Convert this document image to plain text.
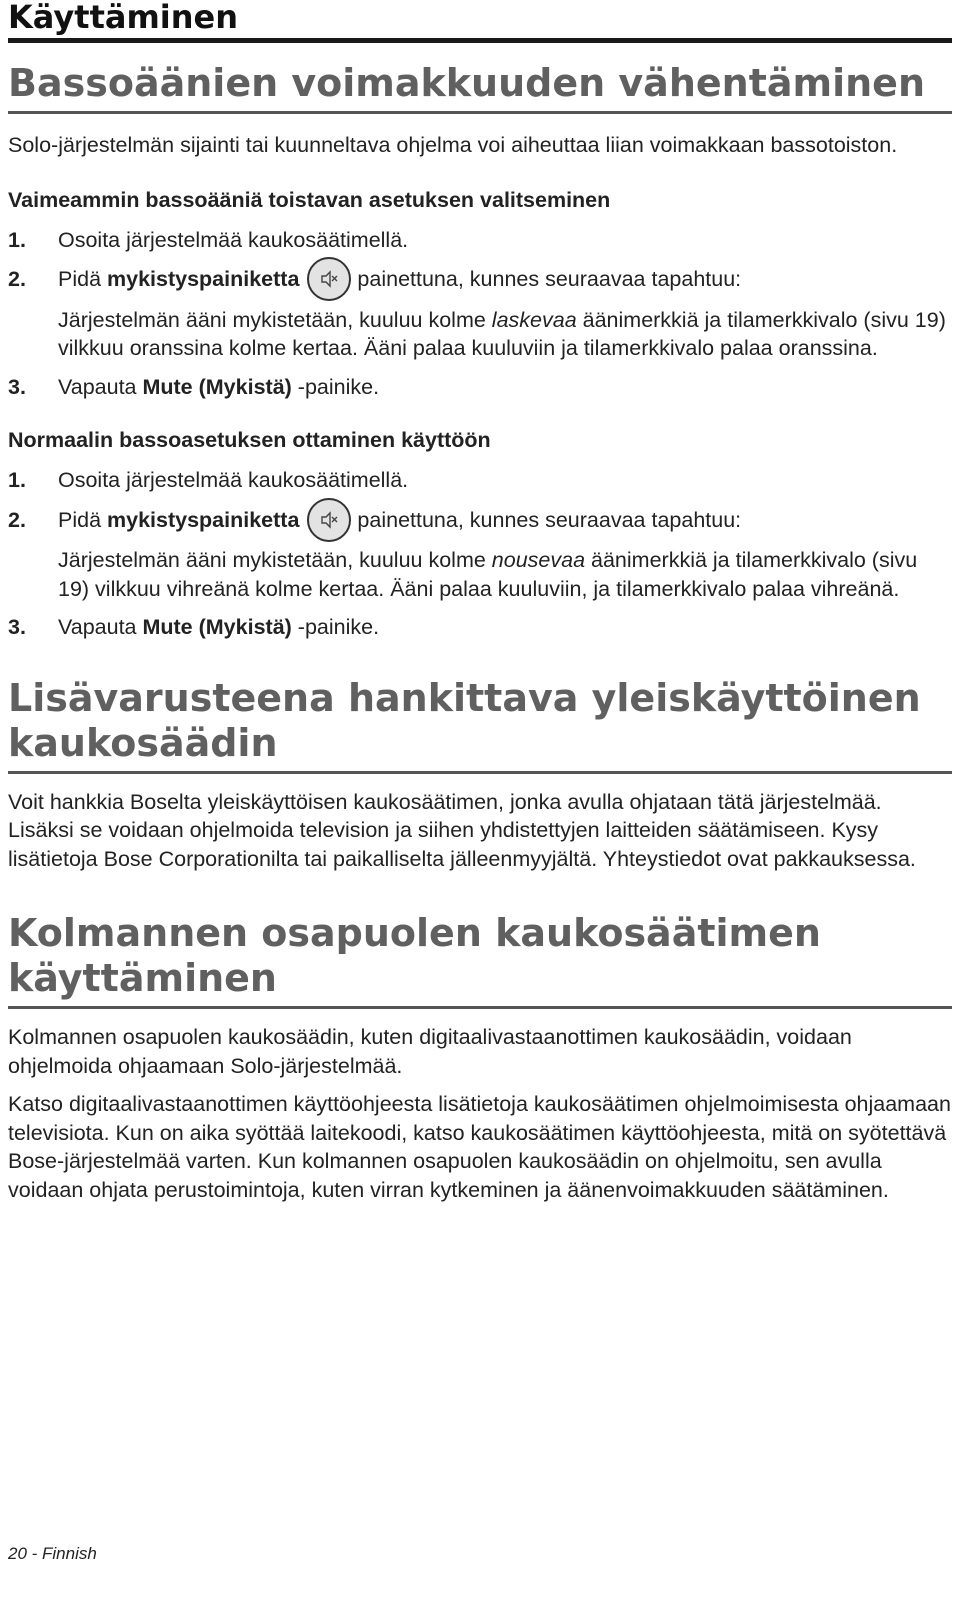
Käyttäminen
Bassoäänien voimakkuuden vähentäminen

Solo-järjestelmän sijainti tai kuunneltava ohjelma voi aiheuttaa liian voimakkaan bassotoiston.

Vaimeammin bassoääniä toistavan asetuksen valitseminen
1. Osoita järjestelmää kaukosäätimellä.
2. Pidä mykistyspainiketta	painettuna, kunnes seuraavaa tapahtuu:
Järjestelmän ääni mykistetään, kuuluu kolme laskevaa äänimerkkiä ja tilamerkkivalo (sivu 19) vilkkuu oranssina kolme kertaa. Ääni palaa kuuluviin ja tilamerkkivalo palaa oranssina.
3. Vapauta Mute (Mykistä) -painike.
Normaalin bassoasetuksen ottaminen käyttöön
1. Osoita järjestelmää kaukosäätimellä.
2. Pidä mykistyspainiketta	painettuna, kunnes seuraavaa tapahtuu:
Järjestelmän ääni mykistetään, kuuluu kolme nousevaa äänimerkkiä ja tilamerkkivalo (sivu 19) vilkkuu vihreänä kolme kertaa. Ääni palaa kuuluviin, ja tilamerkkivalo palaa vihreänä.
3. Vapauta Mute (Mykistä) -painike.
Lisävarusteena hankittava yleiskäyttöinen kaukosäädin

Voit hankkia Boselta yleiskäyttöisen kaukosäätimen, jonka avulla ohjataan tätä järjestelmää. Lisäksi se voidaan ohjelmoida television ja siihen yhdistettyjen laitteiden säätämiseen. Kysy lisätietoja Bose Corporationilta tai paikalliselta jälleenmyyjältä. Yhteystiedot ovat pakkauksessa.

Kolmannen osapuolen kaukosäätimen käyttäminen

Kolmannen osapuolen kaukosäädin, kuten digitaalivastaanottimen kaukosäädin, voidaan ohjelmoida ohjaamaan Solo-järjestelmää.

Katso digitaalivastaanottimen käyttöohjeesta lisätietoja kaukosäätimen ohjelmoimisesta ohjaamaan televisiota. Kun on aika syöttää laitekoodi, katso kaukosäätimen käyttöohjeesta, mitä on syötettävä Bose-järjestelmää varten. Kun kolmannen osapuolen kaukosäädin on ohjelmoitu, sen avulla voidaan ohjata perustoimintoja, kuten virran kytkeminen ja äänenvoimakkuuden säätäminen.

20 - Finnish
